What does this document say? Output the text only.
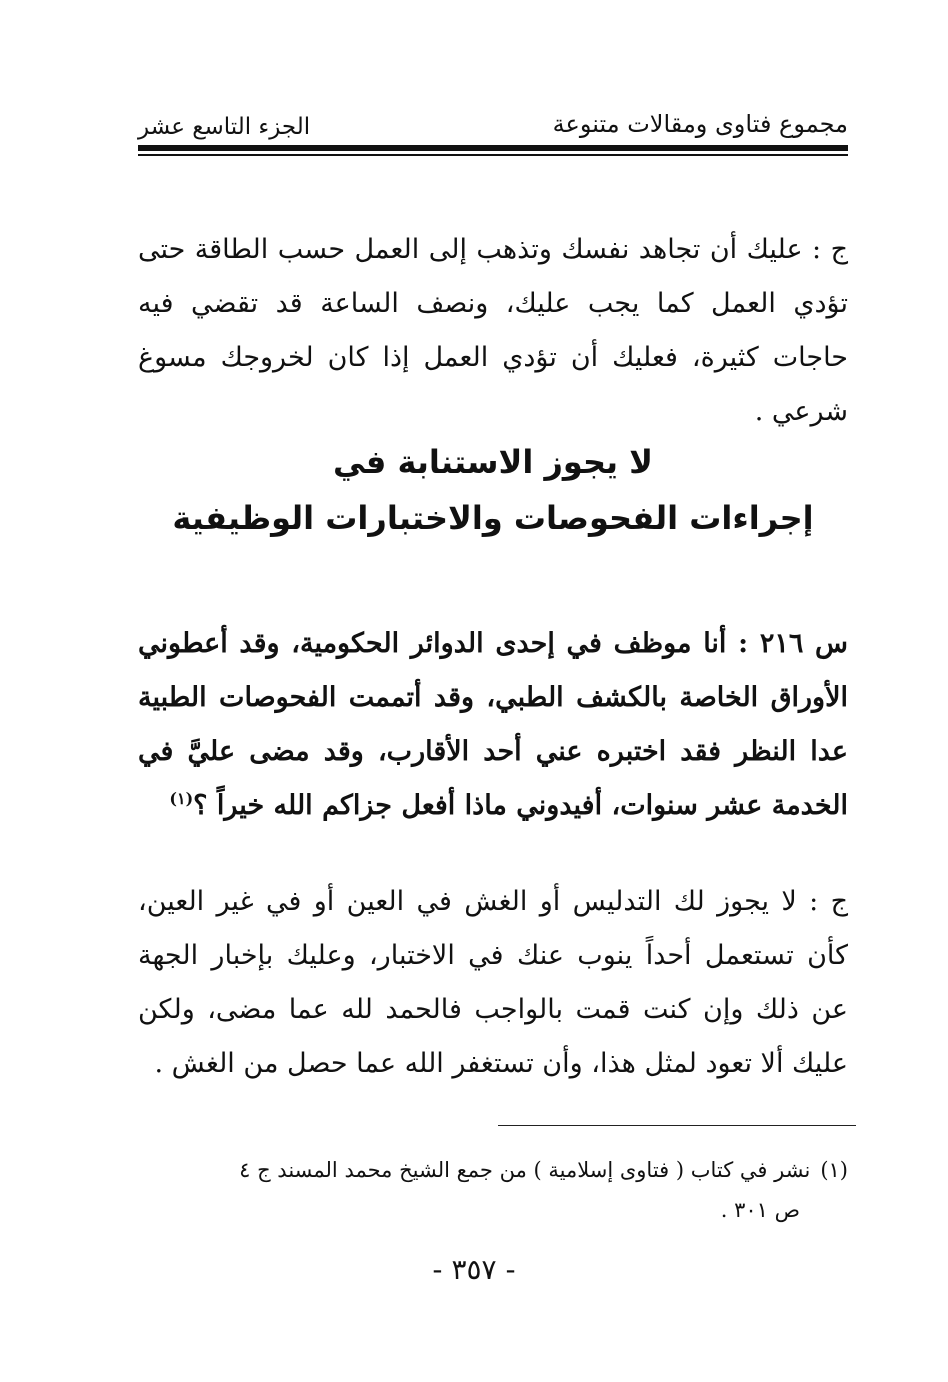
مجموع فتاوى ومقالات متنوعة
الجزء التاسع عشر

ج : عليك أن تجاهد نفسك وتذهب إلى العمل حسب الطاقة حتى تؤدي العمل كما يجب عليك، ونصف الساعة قد تقضي فيه حاجات كثيرة، فعليك أن تؤدي العمل إذا كان لخروجك مسوغ شرعي .

لا يجوز الاستنابة في
إجراءات الفحوصات والاختبارات الوظيفية

س ٢١٦ : أنا موظف في إحدى الدوائر الحكومية، وقد أعطوني الأوراق الخاصة بالكشف الطبي، وقد أتممت الفحوصات الطبية عدا النظر فقد اختبره عني أحد الأقارب، وقد مضى عليَّ في الخدمة عشر سنوات، أفيدوني ماذا أفعل جزاكم الله خيراً ؟$^{(١)}$

ج : لا يجوز لك التدليس أو الغش في العين أو في غير العين، كأن تستعمل أحداً ينوب عنك في الاختبار، وعليك بإخبار الجهة عن ذلك وإن كنت قمت بالواجب فالحمد لله عما مضى، ولكن عليك ألا تعود لمثل هذا، وأن تستغفر الله عما حصل من الغش .

(١)نشر في كتاب ( فتاوى إسلامية ) من جمع الشيخ محمد المسند ج ٤
ص ٣٠١ .
- ٣٥٧ -
